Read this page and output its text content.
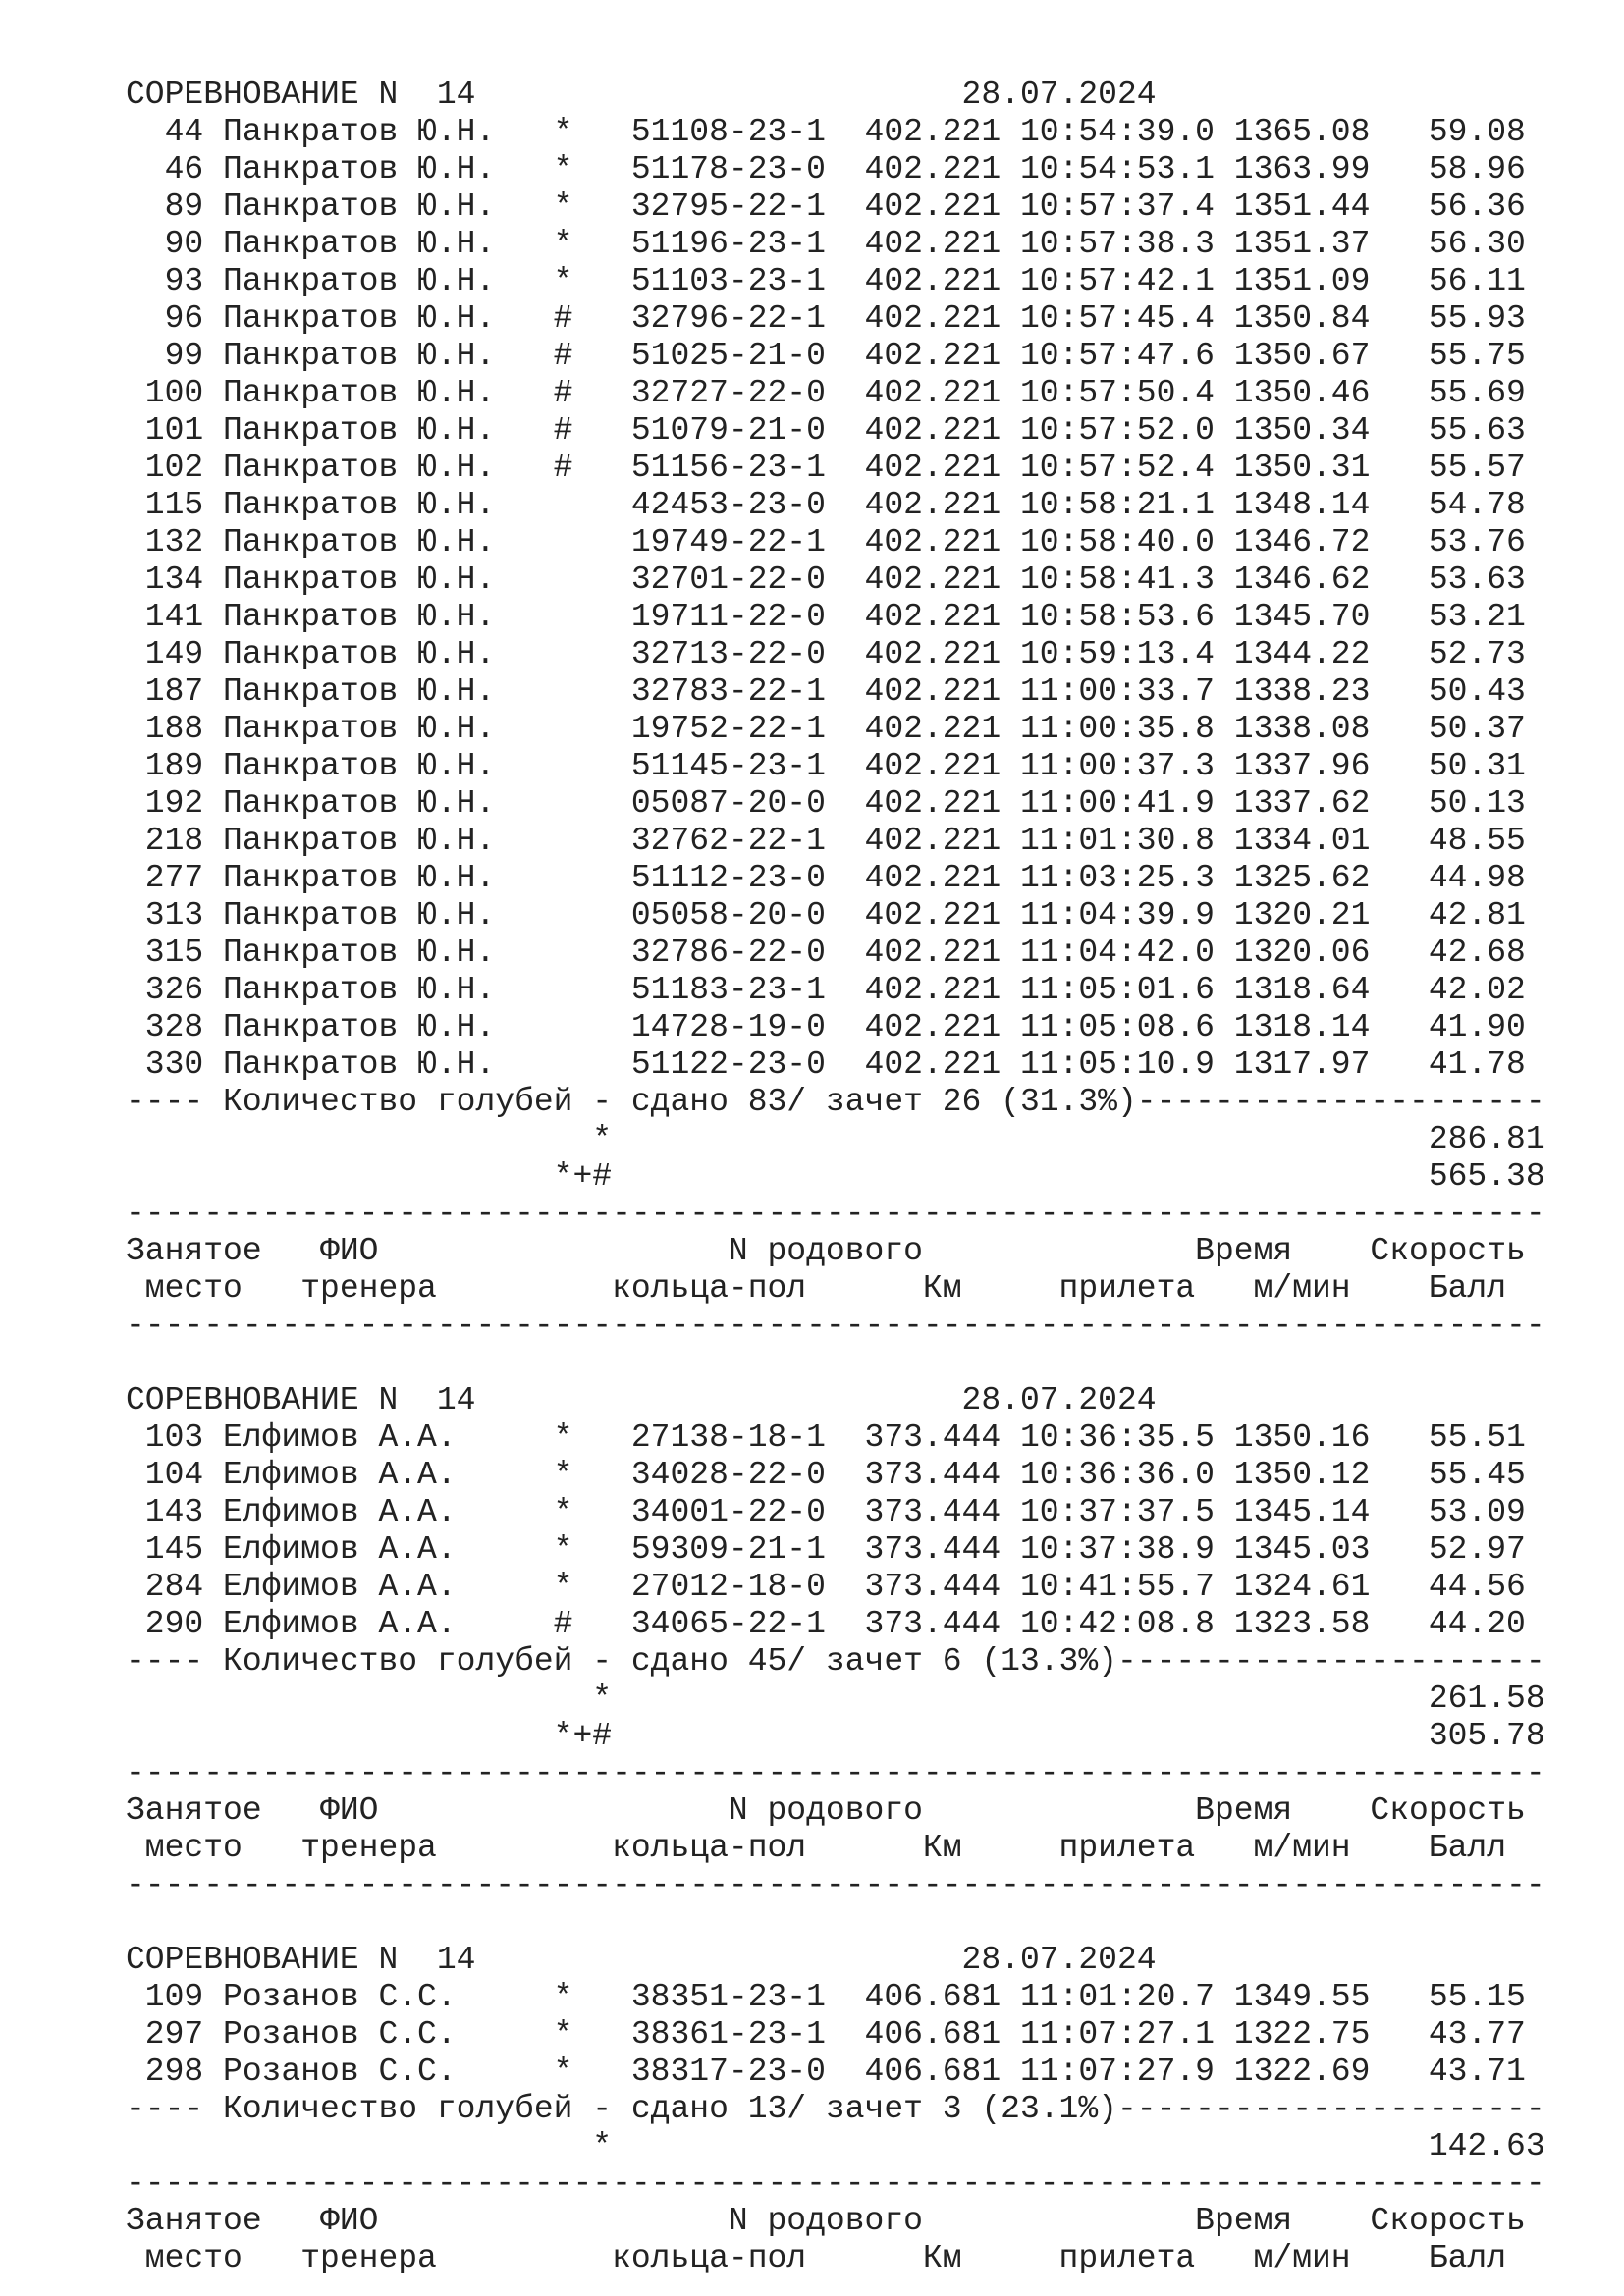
СОРЕВНОВАНИЕ N  14                         28.07.2024
44 Панкратов Ю.Н.   *   51108-23-1  402.221 10:54:39.0 1365.08   59.08
46 Панкратов Ю.Н.   *   51178-23-0  402.221 10:54:53.1 1363.99   58.96
89 Панкратов Ю.Н.   *   32795-22-1  402.221 10:57:37.4 1351.44   56.36
90 Панкратов Ю.Н.   *   51196-23-1  402.221 10:57:38.3 1351.37   56.30
93 Панкратов Ю.Н.   *   51103-23-1  402.221 10:57:42.1 1351.09   56.11
96 Панкратов Ю.Н.   #   32796-22-1  402.221 10:57:45.4 1350.84   55.93
99 Панкратов Ю.Н.   #   51025-21-0  402.221 10:57:47.6 1350.67   55.75
100 Панкратов Ю.Н.   #   32727-22-0  402.221 10:57:50.4 1350.46   55.69
101 Панкратов Ю.Н.   #   51079-21-0  402.221 10:57:52.0 1350.34   55.63
102 Панкратов Ю.Н.   #   51156-23-1  402.221 10:57:52.4 1350.31   55.57
115 Панкратов Ю.Н.       42453-23-0  402.221 10:58:21.1 1348.14   54.78
132 Панкратов Ю.Н.       19749-22-1  402.221 10:58:40.0 1346.72   53.76
134 Панкратов Ю.Н.       32701-22-0  402.221 10:58:41.3 1346.62   53.63
141 Панкратов Ю.Н.       19711-22-0  402.221 10:58:53.6 1345.70   53.21
149 Панкратов Ю.Н.       32713-22-0  402.221 10:59:13.4 1344.22   52.73
187 Панкратов Ю.Н.       32783-22-1  402.221 11:00:33.7 1338.23   50.43
188 Панкратов Ю.Н.       19752-22-1  402.221 11:00:35.8 1338.08   50.37
189 Панкратов Ю.Н.       51145-23-1  402.221 11:00:37.3 1337.96   50.31
192 Панкратов Ю.Н.       05087-20-0  402.221 11:00:41.9 1337.62   50.13
218 Панкратов Ю.Н.       32762-22-1  402.221 11:01:30.8 1334.01   48.55
277 Панкратов Ю.Н.       51112-23-0  402.221 11:03:25.3 1325.62   44.98
313 Панкратов Ю.Н.       05058-20-0  402.221 11:04:39.9 1320.21   42.81
315 Панкратов Ю.Н.       32786-22-0  402.221 11:04:42.0 1320.06   42.68
326 Панкратов Ю.Н.       51183-23-1  402.221 11:05:01.6 1318.64   42.02
328 Панкратов Ю.Н.       14728-19-0  402.221 11:05:08.6 1318.14   41.90
330 Панкратов Ю.Н.       51122-23-0  402.221 11:05:10.9 1317.97   41.78
---- Количество голубей - сдано 83/ зачет 26 (31.3%)---------------------
*                                          286.81
*+#                                          565.38
-------------------------------------------------------------------------
Занятое   ФИО                  N родового              Время    Скорость
место   тренера         кольца-пол      Км     прилета   м/мин    Балл
-------------------------------------------------------------------------
СОРЕВНОВАНИЕ N  14                         28.07.2024
103 Елфимов А.А.     *   27138-18-1  373.444 10:36:35.5 1350.16   55.51
104 Елфимов А.А.     *   34028-22-0  373.444 10:36:36.0 1350.12   55.45
143 Елфимов А.А.     *   34001-22-0  373.444 10:37:37.5 1345.14   53.09
145 Елфимов А.А.     *   59309-21-1  373.444 10:37:38.9 1345.03   52.97
284 Елфимов А.А.     *   27012-18-0  373.444 10:41:55.7 1324.61   44.56
290 Елфимов А.А.     #   34065-22-1  373.444 10:42:08.8 1323.58   44.20
---- Количество голубей - сдано 45/ зачет 6 (13.3%)----------------------
*                                          261.58
*+#                                          305.78
-------------------------------------------------------------------------
Занятое   ФИО                  N родового              Время    Скорость
место   тренера         кольца-пол      Км     прилета   м/мин    Балл
-------------------------------------------------------------------------
СОРЕВНОВАНИЕ N  14                         28.07.2024
109 Розанов С.С.     *   38351-23-1  406.681 11:01:20.7 1349.55   55.15
297 Розанов С.С.     *   38361-23-1  406.681 11:07:27.1 1322.75   43.77
298 Розанов С.С.     *   38317-23-0  406.681 11:07:27.9 1322.69   43.71
---- Количество голубей - сдано 13/ зачет 3 (23.1%)----------------------
*                                          142.63
-------------------------------------------------------------------------
Занятое   ФИО                  N родового              Время    Скорость
место   тренера         кольца-пол      Км     прилета   м/мин    Балл
